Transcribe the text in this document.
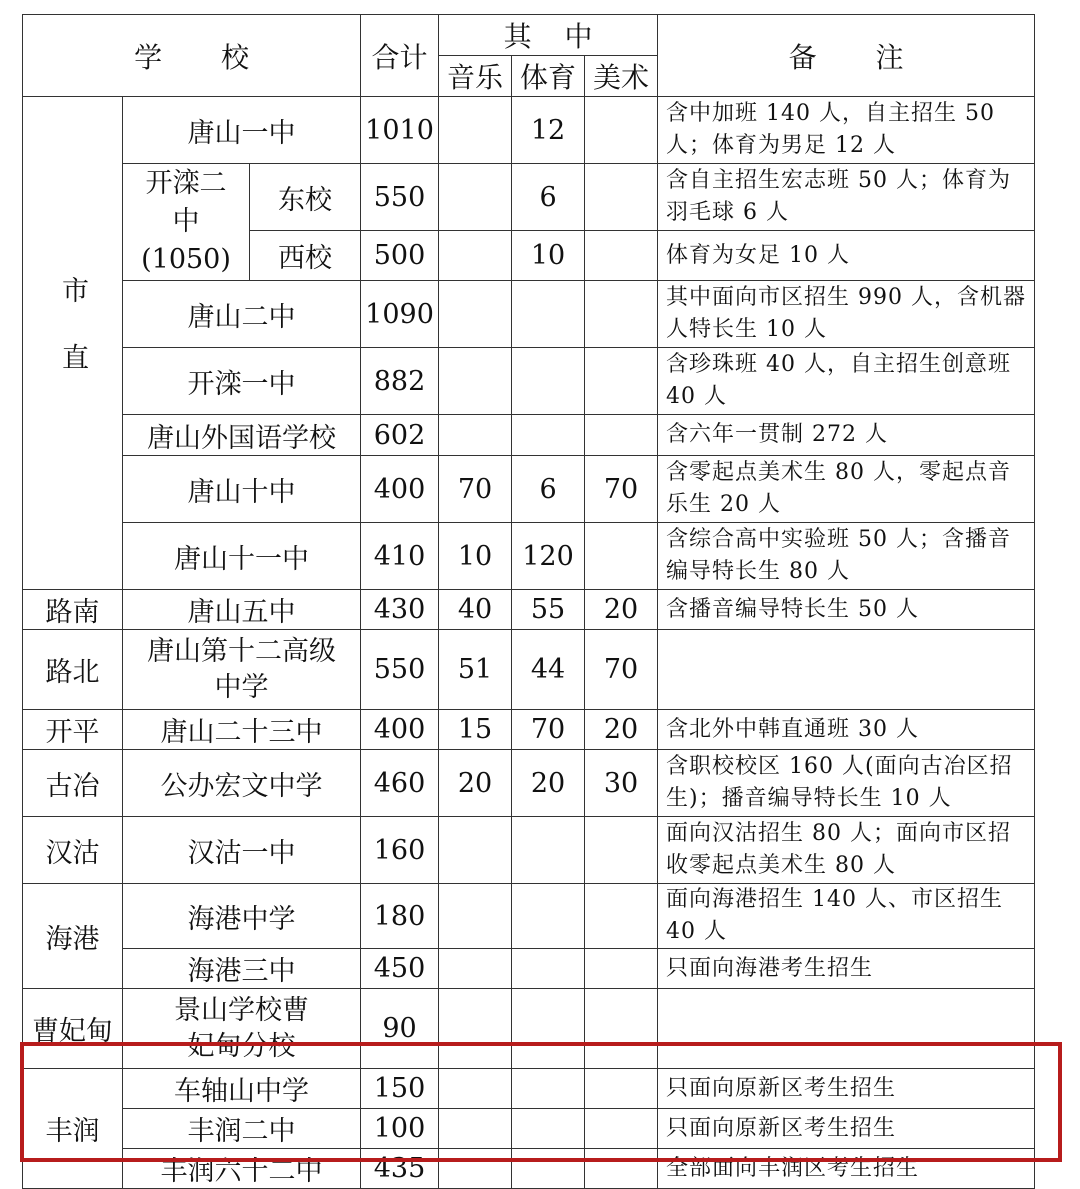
学 校			合计	其 中			备 注
				音乐	体育	美术	

市直	唐山一中		1010		12		含中加班 140 人，自主招生 50 人；体育为男足 12 人
	开滦二中(1050)	东校	550		6		含自主招生宏志班 50 人；体育为羽毛球 6 人
		西校	500		10		体育为女足 10 人
	唐山二中		1090				其中面向市区招生 990 人，含机器人特长生 10 人
	开滦一中		882				含珍珠班 40 人，自主招生创意班 40 人
	唐山外国语学校		602				含六年一贯制 272 人
	唐山十中		400	70	6	70	含零起点美术生 80 人，零起点音乐生 20 人
	唐山十一中		410	10	120		含综合高中实验班 50 人；含播音编导特长生 80 人
路南	唐山五中		430	40	55	20	含播音编导特长生 50 人
路北	唐山第十二高级中学		550	51	44	70	
开平	唐山二十三中		400	15	70	20	含北外中韩直通班 30 人
古冶	公办宏文中学		460	20	20	30	含职校校区 160 人(面向古冶区招生)；播音编导特长生 10 人
汉沽	汉沽一中		160				面向汉沽招生 80 人；面向市区招收零起点美术生 80 人
海港	海港中学		180				面向海港招生 140 人、市区招生 40 人
	海港三中		450				只面向海港考生招生
曹妃甸	景山学校曹妃甸分校		90				
丰润	车轴山中学		150				只面向原新区考生招生
	丰润二中		100				只面向原新区考生招生
	丰润六十二中		435				全部面向丰润区考生招生
